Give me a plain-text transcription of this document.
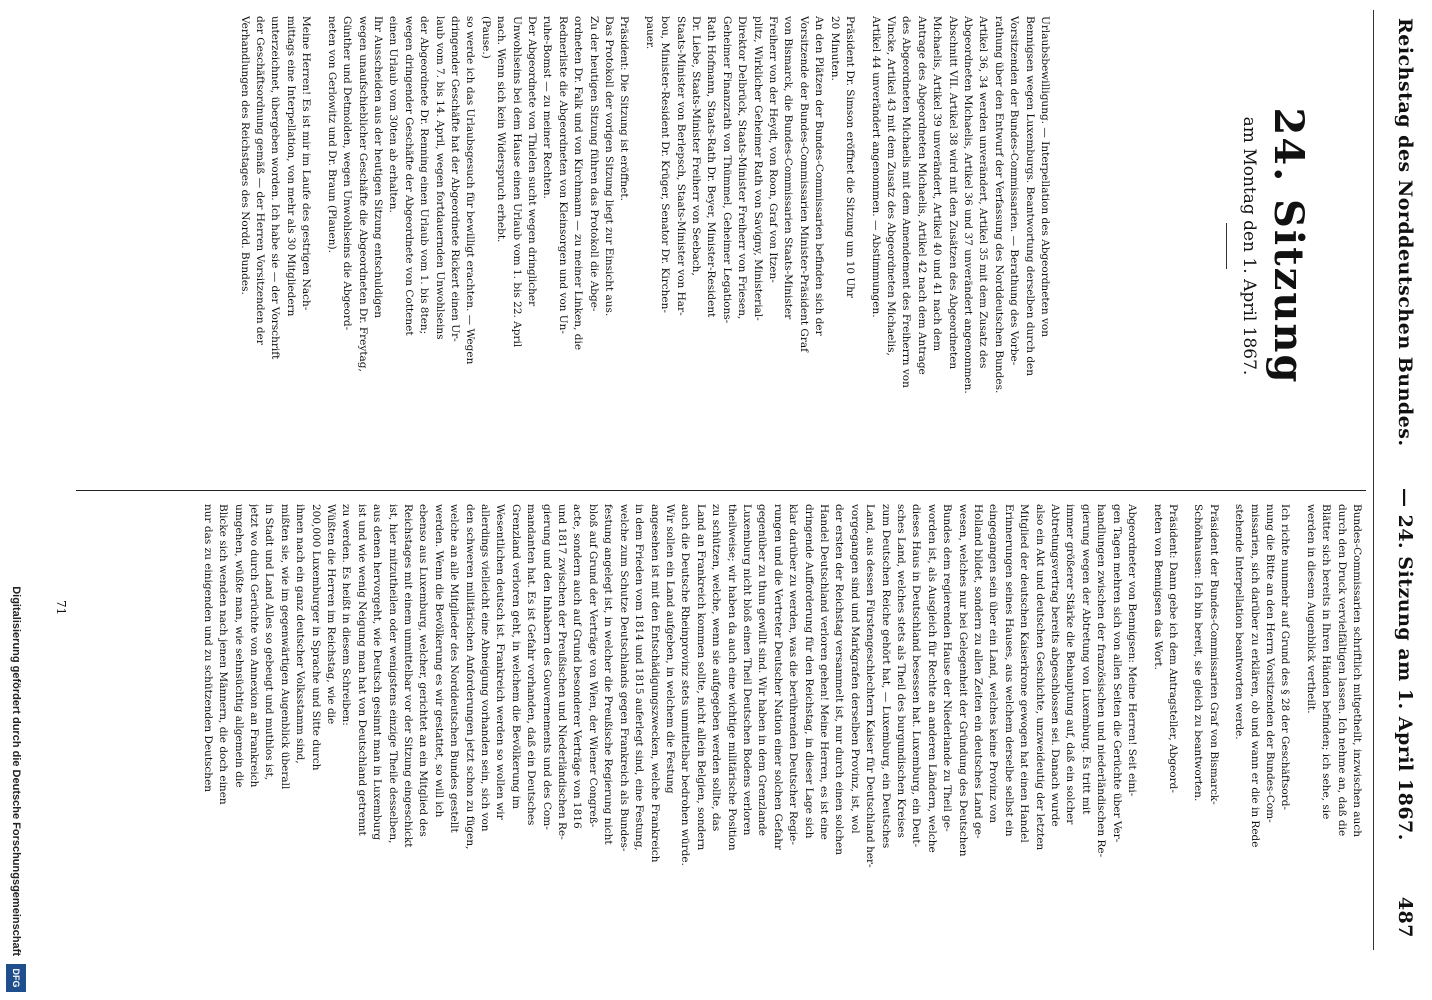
Reichstag des Norddeutschen Bundes.
— 24. Sitzung am 1. April 1867.
487
24. Sitzung
am Montag den 1. April 1867.
Urlaubsbewilligung. — Interpellation des Abgeordneten von
Bennigsen wegen Luxemburgs. Beantwortung derselben durch den
Vorsitzenden der Bundes-Commissarien. — Berathung des Vorbe-
rathung über den Entwurf der Verfassung des Norddeutschen Bundes.
Artikel 36, 34 werden unverändert, Artikel 35 mit dem Zusatz des
Abgeordneten Michaelis, Artikel 36 und 37 unverändert angenommen.
Abschnitt VII. Artikel 38 wird mit den Zusätzen des Abgeordneten
Michaelis, Artikel 39 unverändert, Artikel 40 und 41 nach dem
Antrage des Abgeordneten Michaelis, Artikel 42 nach dem Antrage
des Abgeordneten Michaelis mit dem Amendement des Freiherrn von
Vincke, Artikel 43 mit dem Zusatz des Abgeordneten Michaelis,
Artikel 44 unverändert angenommen. — Abstimmungen.
Präsident Dr. Simson eröffnet die Sitzung um 10 Uhr
20 Minuten.
An den Plätzen der Bundes-Commissarien befinden sich der
Vorsitzende der Bundes-Commissarien Minister-Präsident Graf
von Bismarck, die Bundes-Commissarien Staats-Minister
Freiherr von der Heydt, von Roon, Graf von Itzen-
plitz, Wirklicher Geheimer Rath von Savigny, Ministerial-
Direktor Delbrück, Staats-Minister Freiherr von Friesen,
Geheimer Finanzrath von Thümmel, Geheimer Legations-
Rath Hofmann, Staats-Rath Dr. Beyer, Minister-Resident
Dr. Liebe, Staats-Minister Freiherr von Seebach,
Staats-Minister von Berlepsch, Staats-Minister von Har-
bou, Minister-Resident Dr. Krüger, Senator Dr. Kirchen-
pauer.
Präsident: Die Sitzung ist eröffnet.
Das Protokoll der vorigen Sitzung liegt zur Einsicht aus.
Zu der heutigen Sitzung führen das Protokoll die Abge-
ordneten Dr. Falk und von Kirchmann — zu meiner Linken, die
Rednerliste die Abgeordneten von Kleinsorgen und von Un-
ruhe-Bomst — zu meiner Rechten.
Der Abgeordnete von Thielen sucht wegen dringlicher
Unwohlseins bei dem Hause einen Urlaub vom 1. bis 22. April
nach. Wenn sich kein Widerspruch erhebt.
(Pause.)
so werde ich das Urlaubsgesuch für bewilligt erachten. — Wegen
dringender Geschäfte hat der Abgeordnete Rickert einen Ur-
laub vom 7. bis 14. April, wegen fortdauernden Unwohlseins
der Abgeordnete Dr. Renning einen Urlaub vom 1. bis 8ten;
wegen dringender Geschäfte der Abgeordnete von Cottenet
einen Urlaub vom 30ten ab erhalten.
Ihr Ausscheiden aus der heutigen Sitzung entschuldigen
wegen unaufschieblicher Geschäfte die Abgeordneten Dr. Freytag,
Günther und Detmolden, wegen Unwohlseins die Abgeord-
neten von Gerlowitz und Dr. Braun (Plauen).
Meine Herren! Es ist mir im Laufe des gestrigen Nach-
mittags eine Interpellation, von mehr als 30 Mitgliedern
unterzeichnet, übergeben worden. Ich habe sie — der Vorschrift
der Geschäftsordnung gemäß — der Herren Vorsitzenden der
Verhandlungen des Reichstages des Nordd. Bundes.
Bundes-Commissarien schriftlich mitgetheilt, inzwischen auch
durch den Druck vervielfältigen lassen. Ich nehme an, daß die
Blätter sich bereits in Ihren Händen befinden; ich sehe, sie
werden in diesem Augenblick vertheilt.
Ich richte nunmehr auf Grund des § 28 der Geschäftsord-
nung die Bitte an den Herrn Vorsitzenden der Bundes-Com-
missarien, sich darüber zu erklären, ob und wann er die in Rede
stehende Interpellation beantworten werde.
Präsident der Bundes-Commissarien Graf von Bismarck-
Schönhausen: Ich bin bereit, sie gleich zu beantworten.
Präsident: Dann gebe ich dem Antragsteller, Abgeord-
neten von Bennigsen das Wort.
Abgeordneter von Bennigsen: Meine Herren! Seit eini-
gen Tagen mehren sich von allen Seiten die Gerüchte über Ver-
handlungen zwischen der französischen und niederländischen Re-
gierung wegen der Abtretung von Luxemburg. Es tritt mit
immer größerer Stärke die Behauptung auf, daß ein solcher
Abtretungsvertrag bereits abgeschlossen sei. Danach wurde
also ein Akt und deutschen Geschichte, unzweideutig der letzten
Mitglied der deutschen Kaiserkrone gewogen hat einen Handel
Erinnerungen seines Hauses, aus welchem derselbe selbst ein
eingegangen sein über ein Land, welches keine Provinz von
Holland bildet, sondern zu allen Zeiten ein deutsches Land ge-
wesen, welches nur bei Gelegenheit der Gründung des Deutschen
Bundes dem regierenden Hause der Niederlande zu Theil ge-
worden ist, als Ausgleich für Rechte an anderen Ländern, welche
dieses Haus in Deutschland besessen hat. Luxemburg, ein Deut-
sches Land, welches stets als Theil des burgundischen Kreises
zum Deutschen Reiche gehört hat, — Luxemburg, ein Deutsches
Land, aus dessen Fürstengeschlechtern Kaiser für Deutschland her-
vorgegangen sind und Markgrafen derselben Provinz, ist, wol
der ersten der Reichstag versammelt ist, nur durch einen solchen
Handel Deutschland verloren gehen! Meine Herren, es ist eine
dringende Aufforderung für den Reichstag, in dieser Lage sich
klar darüber zu werden, was die berührenden Deutscher Regie-
rungen und die Vertreter Deutscher Nation einer solchen Gefahr
gegenüber zu thun gewillt sind. Wir haben in dem Grenzlande
Luxemburg nicht bloß einen Theil Deutschen Bodens verloren
theilweise; wir haben da auch eine wichtige militärische Position
zu schützen, welche, wenn sie aufgegeben werden sollte, das
Land an Frankreich kommen sollte, nicht allein Belgien, sondern
auch die Deutsche Rheinprovinz stets unmittelbar bedrohen würde.
Wir sollen ein Land aufgeben, in welchem die Festung
angesehen ist mit den Entschädigungszwecken, welche Frankreich
in dem Frieden vom 1814 und 1815 auferlegt sind, eine Festung,
welche zum Schutze Deutschlands gegen Frankreich als Bundes-
festung angelegt ist, in welcher die Preußische Regierung nicht
bloß auf Grund der Verträge von Wien, der Wiener Congreß-
acte, sondern auch auf Grund besonderer Verträge von 1816
und 1817 zwischen der Preußischen und Niederländischen Re-
gierung und den Inhabern des Gouvernements und des Com-
mandanten hat. Es ist Gefahr vorhanden, daß ein Deutsches
Grenzland verloren geht, in welchem die Bevölkerung im
Wesentlichen deutsch ist. Frankreich werden so wollen wir
allerdings vielleicht eine Abneigung vorhanden sein, sich von
den schweren militärischen Anforderungen jetzt schon zu fügen,
welche an alle Mitglieder des Norddeutschen Bundes gestellt
werden. Wenn die Bevölkerung es wir gestattet, so will ich
ebenso aus Luxemburg, welcher, gerichtet an ein Mitglied des
Reichstages mit einem unmittelbar vor der Sitzung eingeschickt
ist, hier mitzutheilen oder wenigstens einzige Theile desselben,
aus denen hervorgeht, wie Deutsch gesinnt man in Luxemburg
ist und wie wenig Neigung man hat von Deutschland getrennt
zu werden. Es heißt in diesem Schreiben:
Wüßten die Herren im Reichstag, wie die
200,000 Luxemburger in Sprache und Sitte durch
ihnen nach ein ganz deutscher Volksstamm sind,
mißten sie, wie im gegenwärtigen Augenblick überall
in Stadt und Land Alles so gebeugt und muthlos ist,
jetzt wo durch Gerüchte von Annexion an Frankreich
umgehen, wüßte man, wie sehnsüchtig allgemein die
Blicke sich wenden nach jenen Männern, die doch einen
nur das zu einigenden und zu schützenden Deutschen
71
Digitalisierung gefördert durch die Deutsche Forschungsgemeinschaft
DFG
